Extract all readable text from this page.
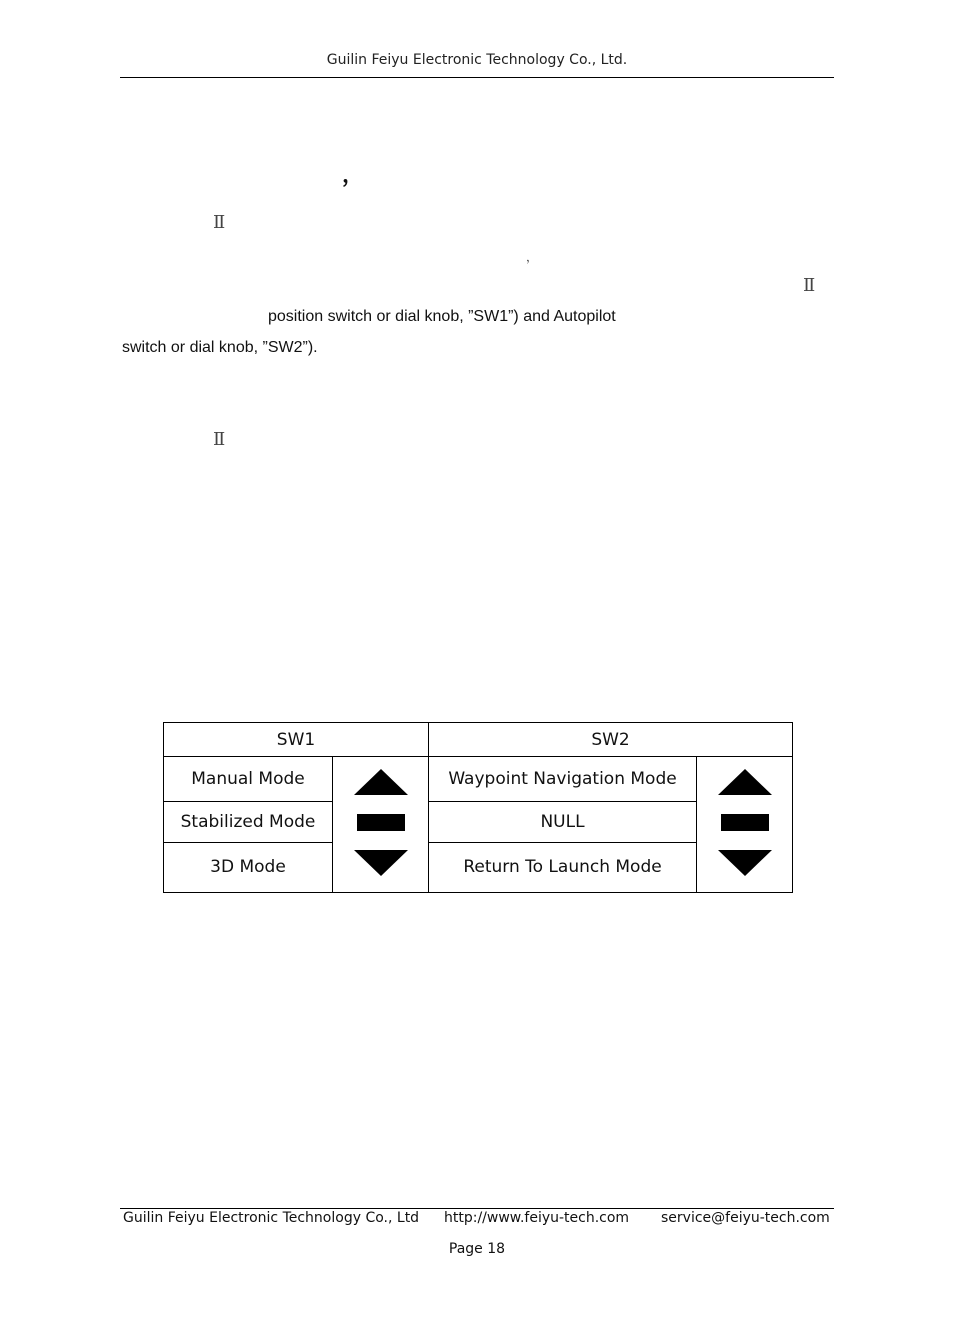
Guilin Feiyu Electronic Technology Co., Ltd.
，
Ⅱ
，
Ⅱ
position switch or dial knob, ”SW1”) and Autopilot
switch or dial knob, ”SW2”).
Ⅱ
SW1		SW2	
Manual Mode		Waypoint Navigation Mode	

Stabilized Mode		NULL	
3D Mode		Return To Launch Mode	
Guilin Feiyu Electronic Technology Co., Ltd http://www.feiyu-tech.com service@feiyu-tech.com
Page 18
